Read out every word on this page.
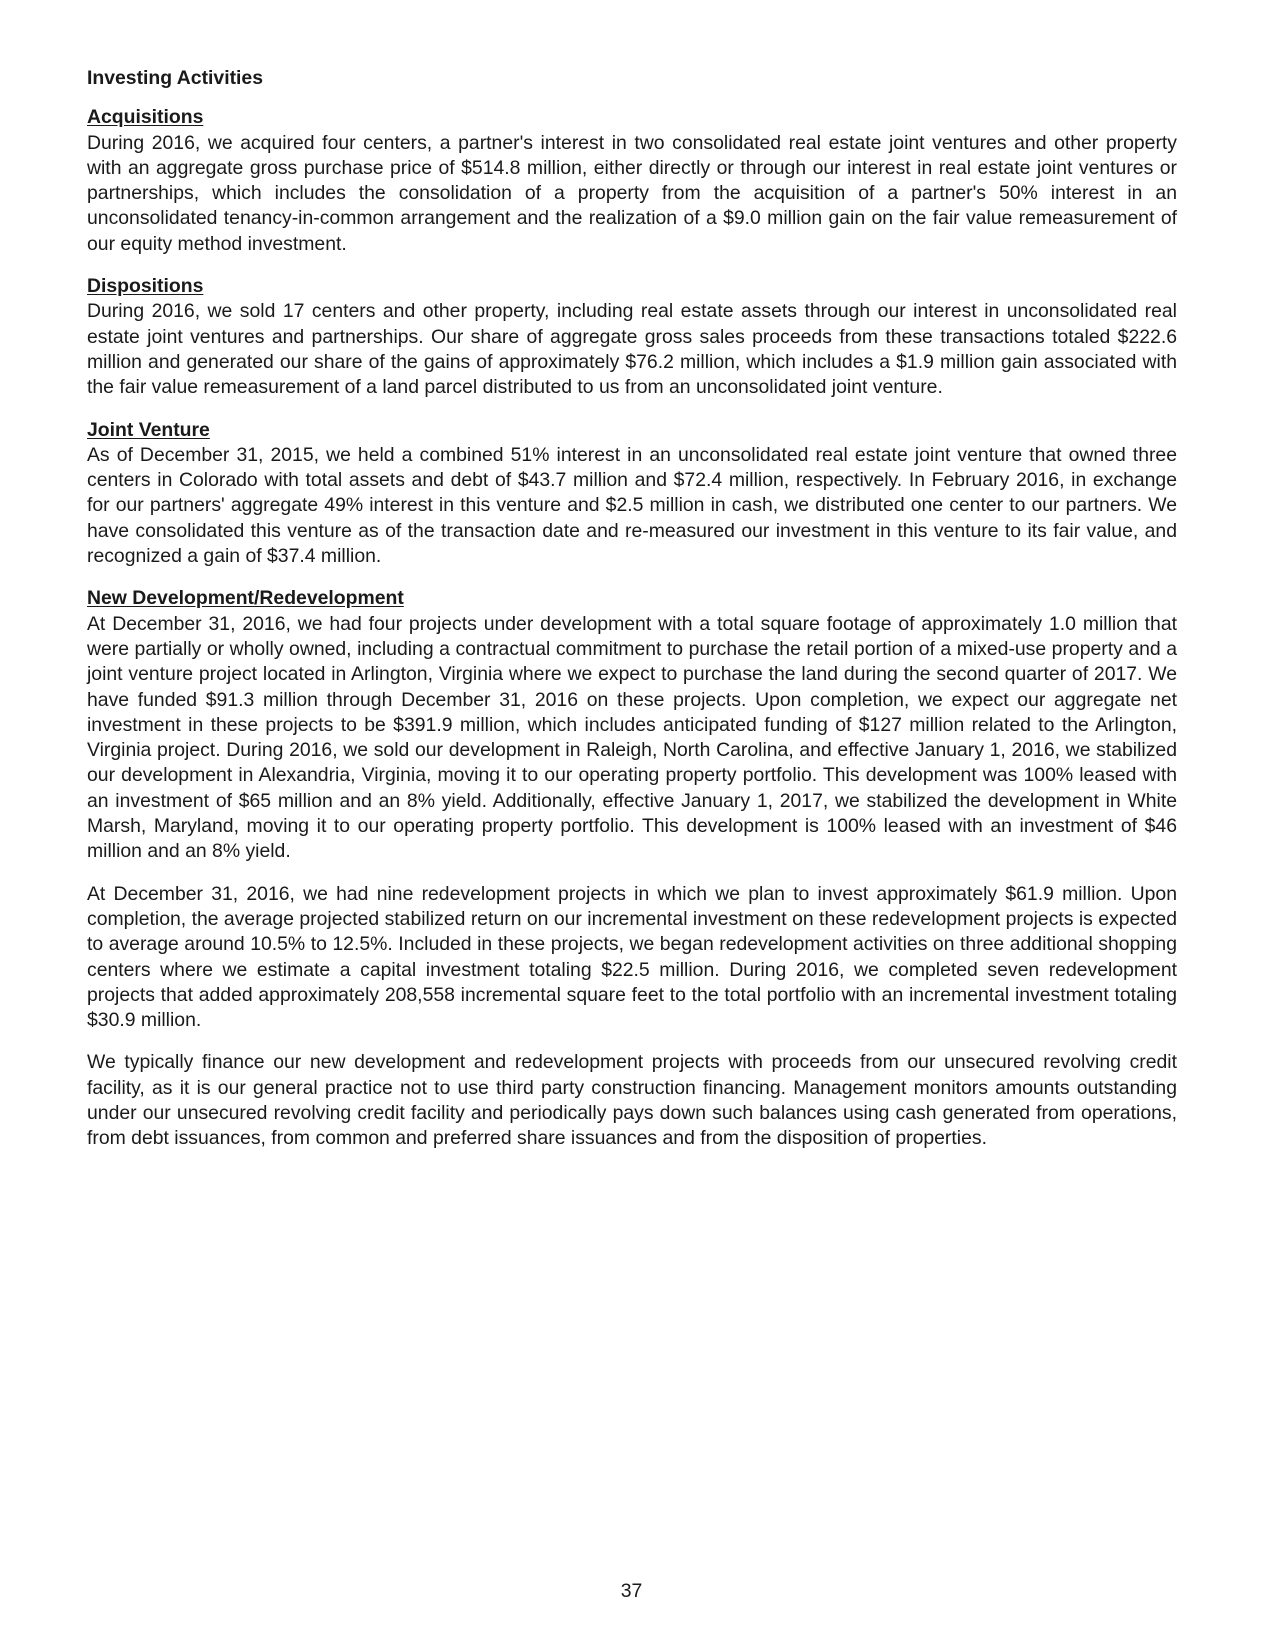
Investing Activities
Acquisitions

During 2016, we acquired four centers, a partner's interest in two consolidated real estate joint ventures and other property with an aggregate gross purchase price of $514.8 million, either directly or through our interest in real estate joint ventures or partnerships, which includes the consolidation of a property from the acquisition of a partner's 50% interest in an unconsolidated tenancy-in-common arrangement and the realization of a $9.0 million gain on the fair value remeasurement of our equity method investment.

Dispositions

During 2016, we sold 17 centers and other property, including real estate assets through our interest in unconsolidated real estate joint ventures and partnerships. Our share of aggregate gross sales proceeds from these transactions totaled $222.6 million and generated our share of the gains of approximately $76.2 million, which includes a $1.9 million gain associated with the fair value remeasurement of a land parcel distributed to us from an unconsolidated joint venture.

Joint Venture

As of December 31, 2015, we held a combined 51% interest in an unconsolidated real estate joint venture that owned three centers in Colorado with total assets and debt of $43.7 million and $72.4 million, respectively. In February 2016, in exchange for our partners' aggregate 49% interest in this venture and $2.5 million in cash, we distributed one center to our partners. We have consolidated this venture as of the transaction date and re-measured our investment in this venture to its fair value, and recognized a gain of $37.4 million.

New Development/Redevelopment

At December 31, 2016, we had four projects under development with a total square footage of approximately 1.0 million that were partially or wholly owned, including a contractual commitment to purchase the retail portion of a mixed-use property and a joint venture project located in Arlington, Virginia where we expect to purchase the land during the second quarter of 2017. We have funded $91.3 million through December 31, 2016 on these projects. Upon completion, we expect our aggregate net investment in these projects to be $391.9 million, which includes anticipated funding of $127 million related to the Arlington, Virginia project. During 2016, we sold our development in Raleigh, North Carolina, and effective January 1, 2016, we stabilized our development in Alexandria, Virginia, moving it to our operating property portfolio. This development was 100% leased with an investment of $65 million and an 8% yield. Additionally, effective January 1, 2017, we stabilized the development in White Marsh, Maryland, moving it to our operating property portfolio. This development is 100% leased with an investment of $46 million and an 8% yield.

At December 31, 2016, we had nine redevelopment projects in which we plan to invest approximately $61.9 million. Upon completion, the average projected stabilized return on our incremental investment on these redevelopment projects is expected to average around 10.5% to 12.5%. Included in these projects, we began redevelopment activities on three additional shopping centers where we estimate a capital investment totaling $22.5 million. During 2016, we completed seven redevelopment projects that added approximately 208,558 incremental square feet to the total portfolio with an incremental investment totaling $30.9 million.

We typically finance our new development and redevelopment projects with proceeds from our unsecured revolving credit facility, as it is our general practice not to use third party construction financing. Management monitors amounts outstanding under our unsecured revolving credit facility and periodically pays down such balances using cash generated from operations, from debt issuances, from common and preferred share issuances and from the disposition of properties.

37
